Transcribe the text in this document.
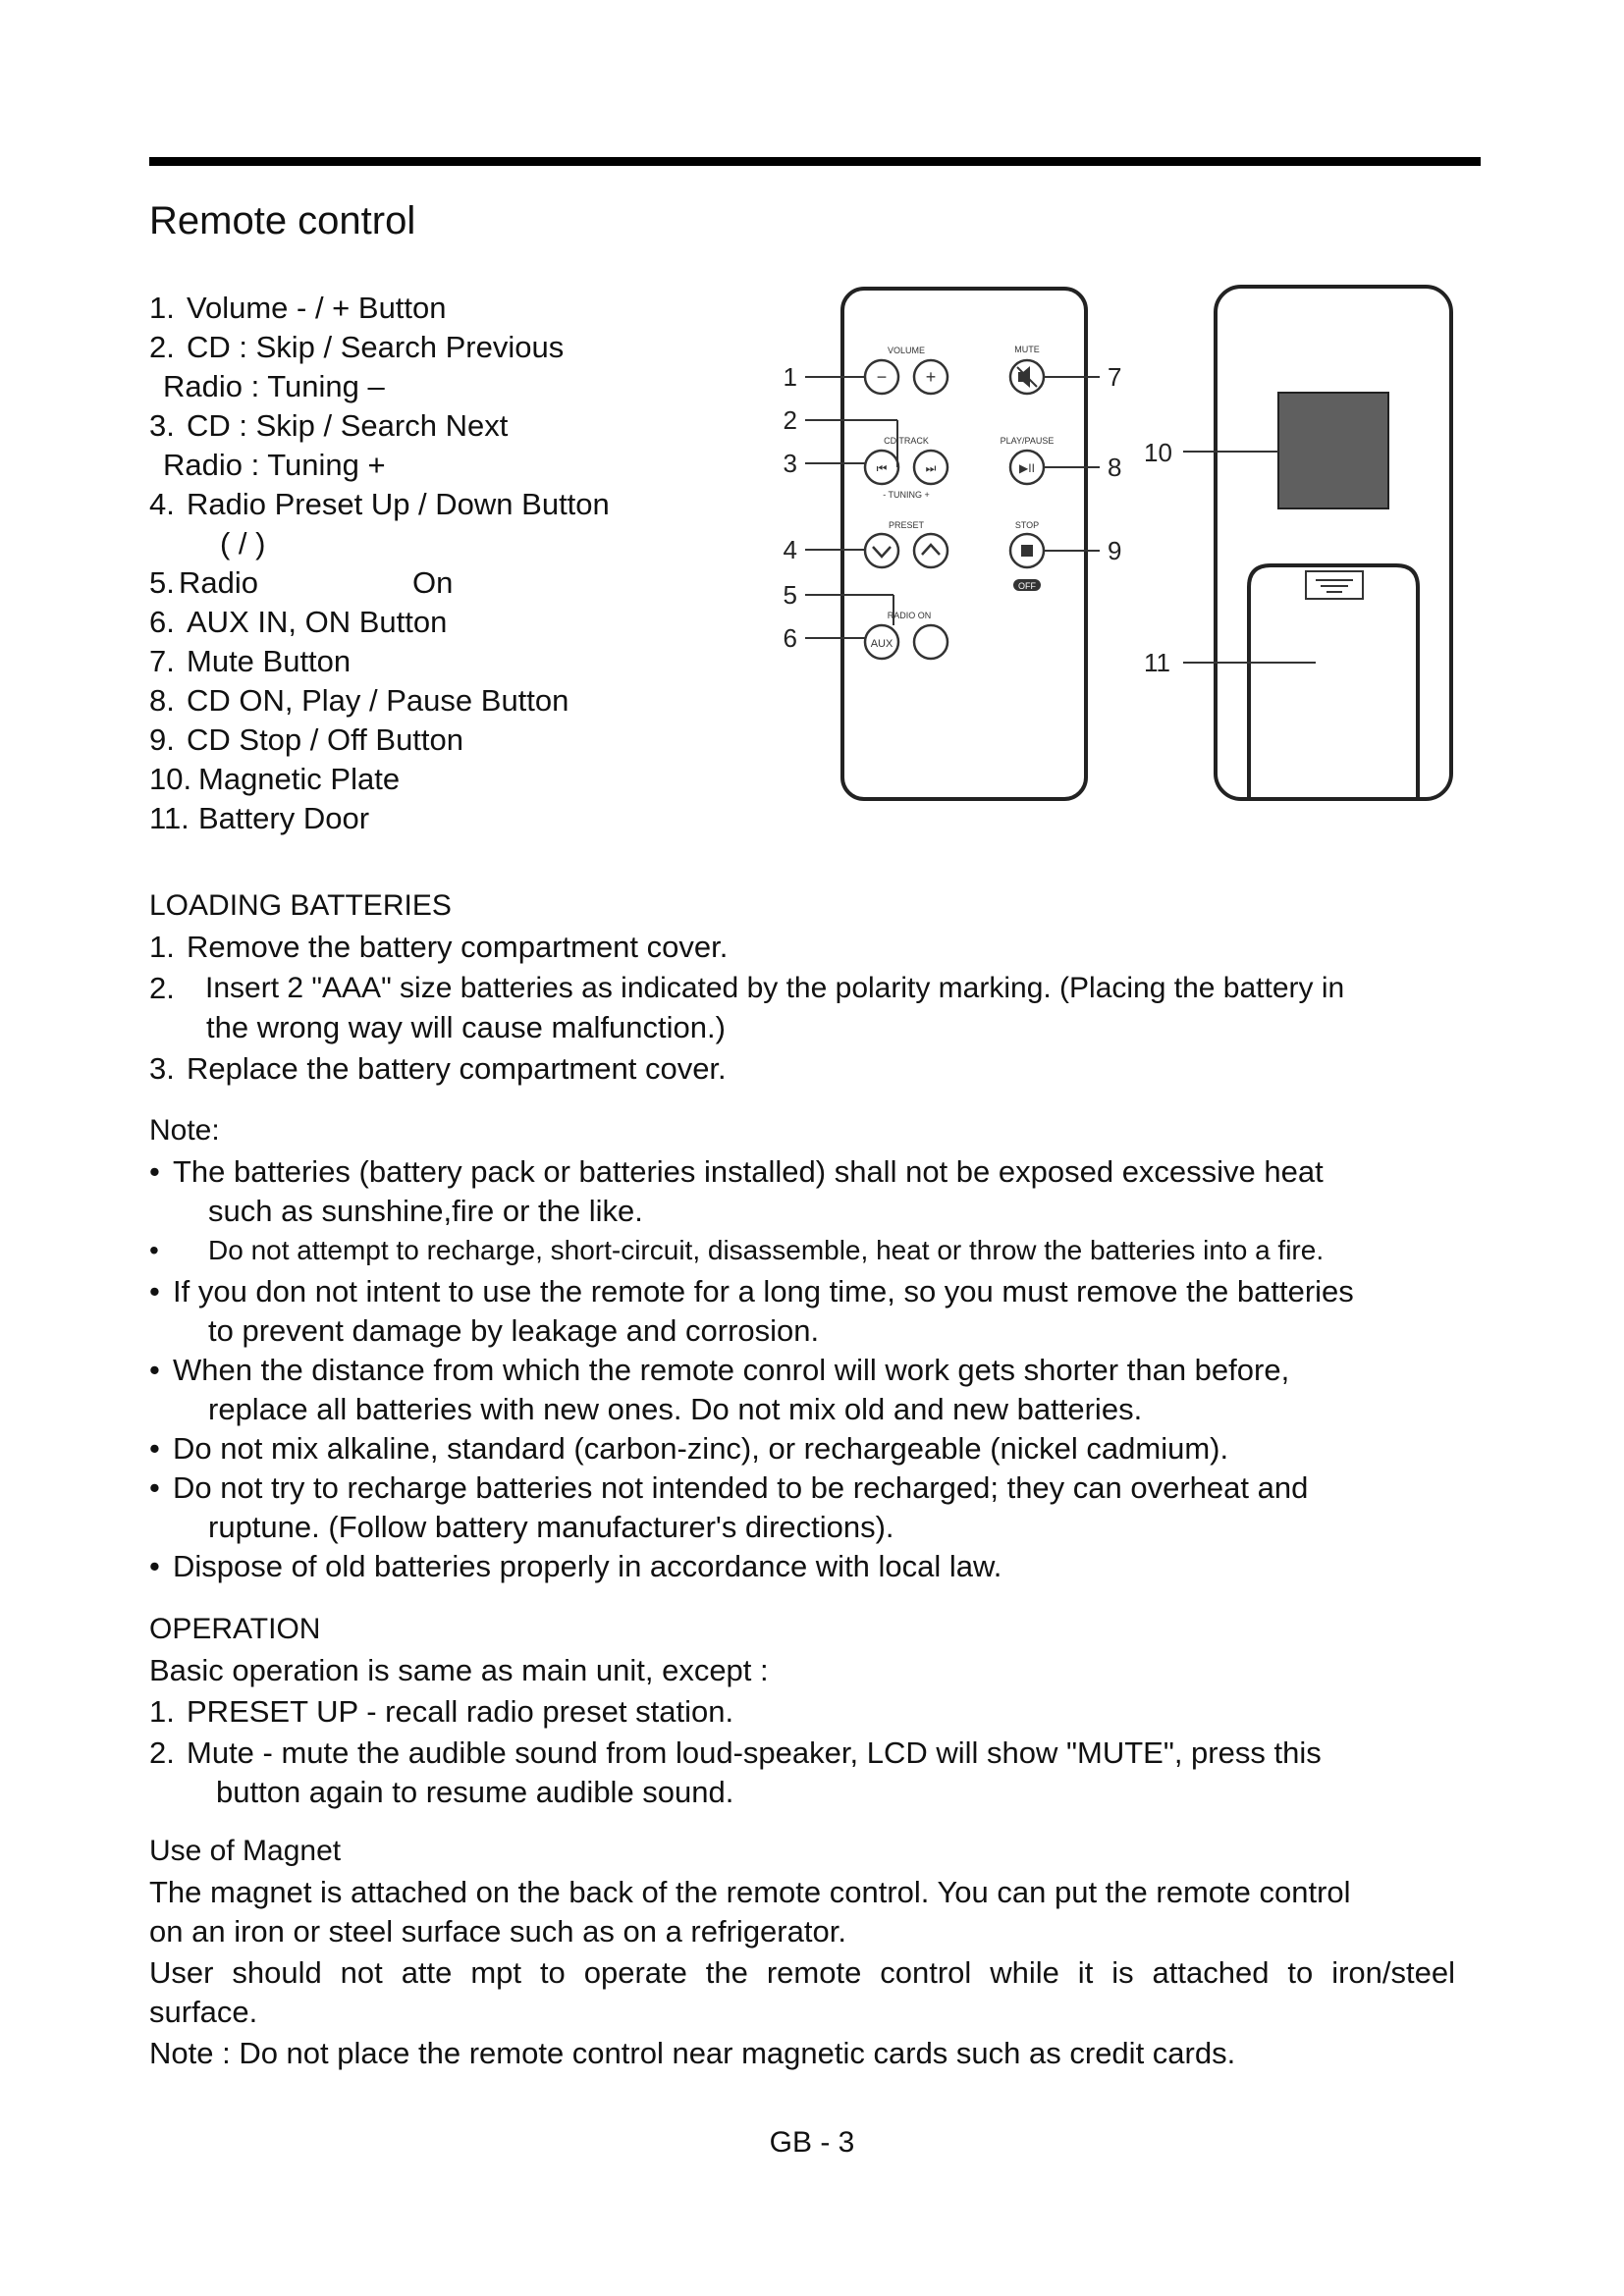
Remote control
1. Volume - / + Button
2. CD : Skip / Search Previous
Radio : Tuning –
3. CD : Skip / Search Next
Radio : Tuning +
4. Radio Preset Up / Down Button
( / )
5. Radio	On
6. AUX IN, ON Button
7. Mute Button
8. CD ON, Play / Pause Button
9. CD Stop / Off Button
10. Magnetic Plate
11. Battery Door
− +
⏮	⏭	▶II
AUX
VOLUME	MUTE
CD TRACK	PLAY/PAUSE
- TUNING +
PRESET	STOP
RADIO ON
OFF
1
2
3
4
5
6
7
8
9
10
11
LOADING BATTERIES
1. Remove the battery compartment cover.
2. Insert 2 "AAA" size batteries as indicated by the polarity marking. (Placing the battery in
the wrong way will cause malfunction.)
3. Replace the battery compartment cover.
Note:
• The batteries (battery pack or batteries installed) shall not be exposed excessive heat
such as sunshine,fire or the like.
• Do not attempt to recharge, short-circuit, disassemble, heat or throw the batteries into a fire.
• If you don not intent to use the remote for a long time, so you must remove the batteries
to prevent damage by leakage and corrosion.
• When the distance from which the remote conrol will work gets shorter than before,
replace all batteries with new ones. Do not mix old and new batteries.
• Do not mix alkaline, standard (carbon-zinc), or rechargeable (nickel cadmium).
• Do not try to recharge batteries not intended to be recharged; they can overheat and
ruptune. (Follow battery manufacturer's directions).
• Dispose of old batteries properly in accordance with local law.
OPERATION
Basic operation is same as main unit, except :
1. PRESET UP - recall radio preset station.
2. Mute - mute the audible sound from loud-speaker, LCD will show "MUTE", press this
button again to resume audible sound.
Use of Magnet
The magnet is attached on the back of the remote control. You can put the remote control
on an iron or steel surface such as on a refrigerator.
User should not atte mpt to operate the remote control while it is attached to iron/steel
surface.
Note : Do not place the remote control near magnetic cards such as credit cards.
GB - 3
